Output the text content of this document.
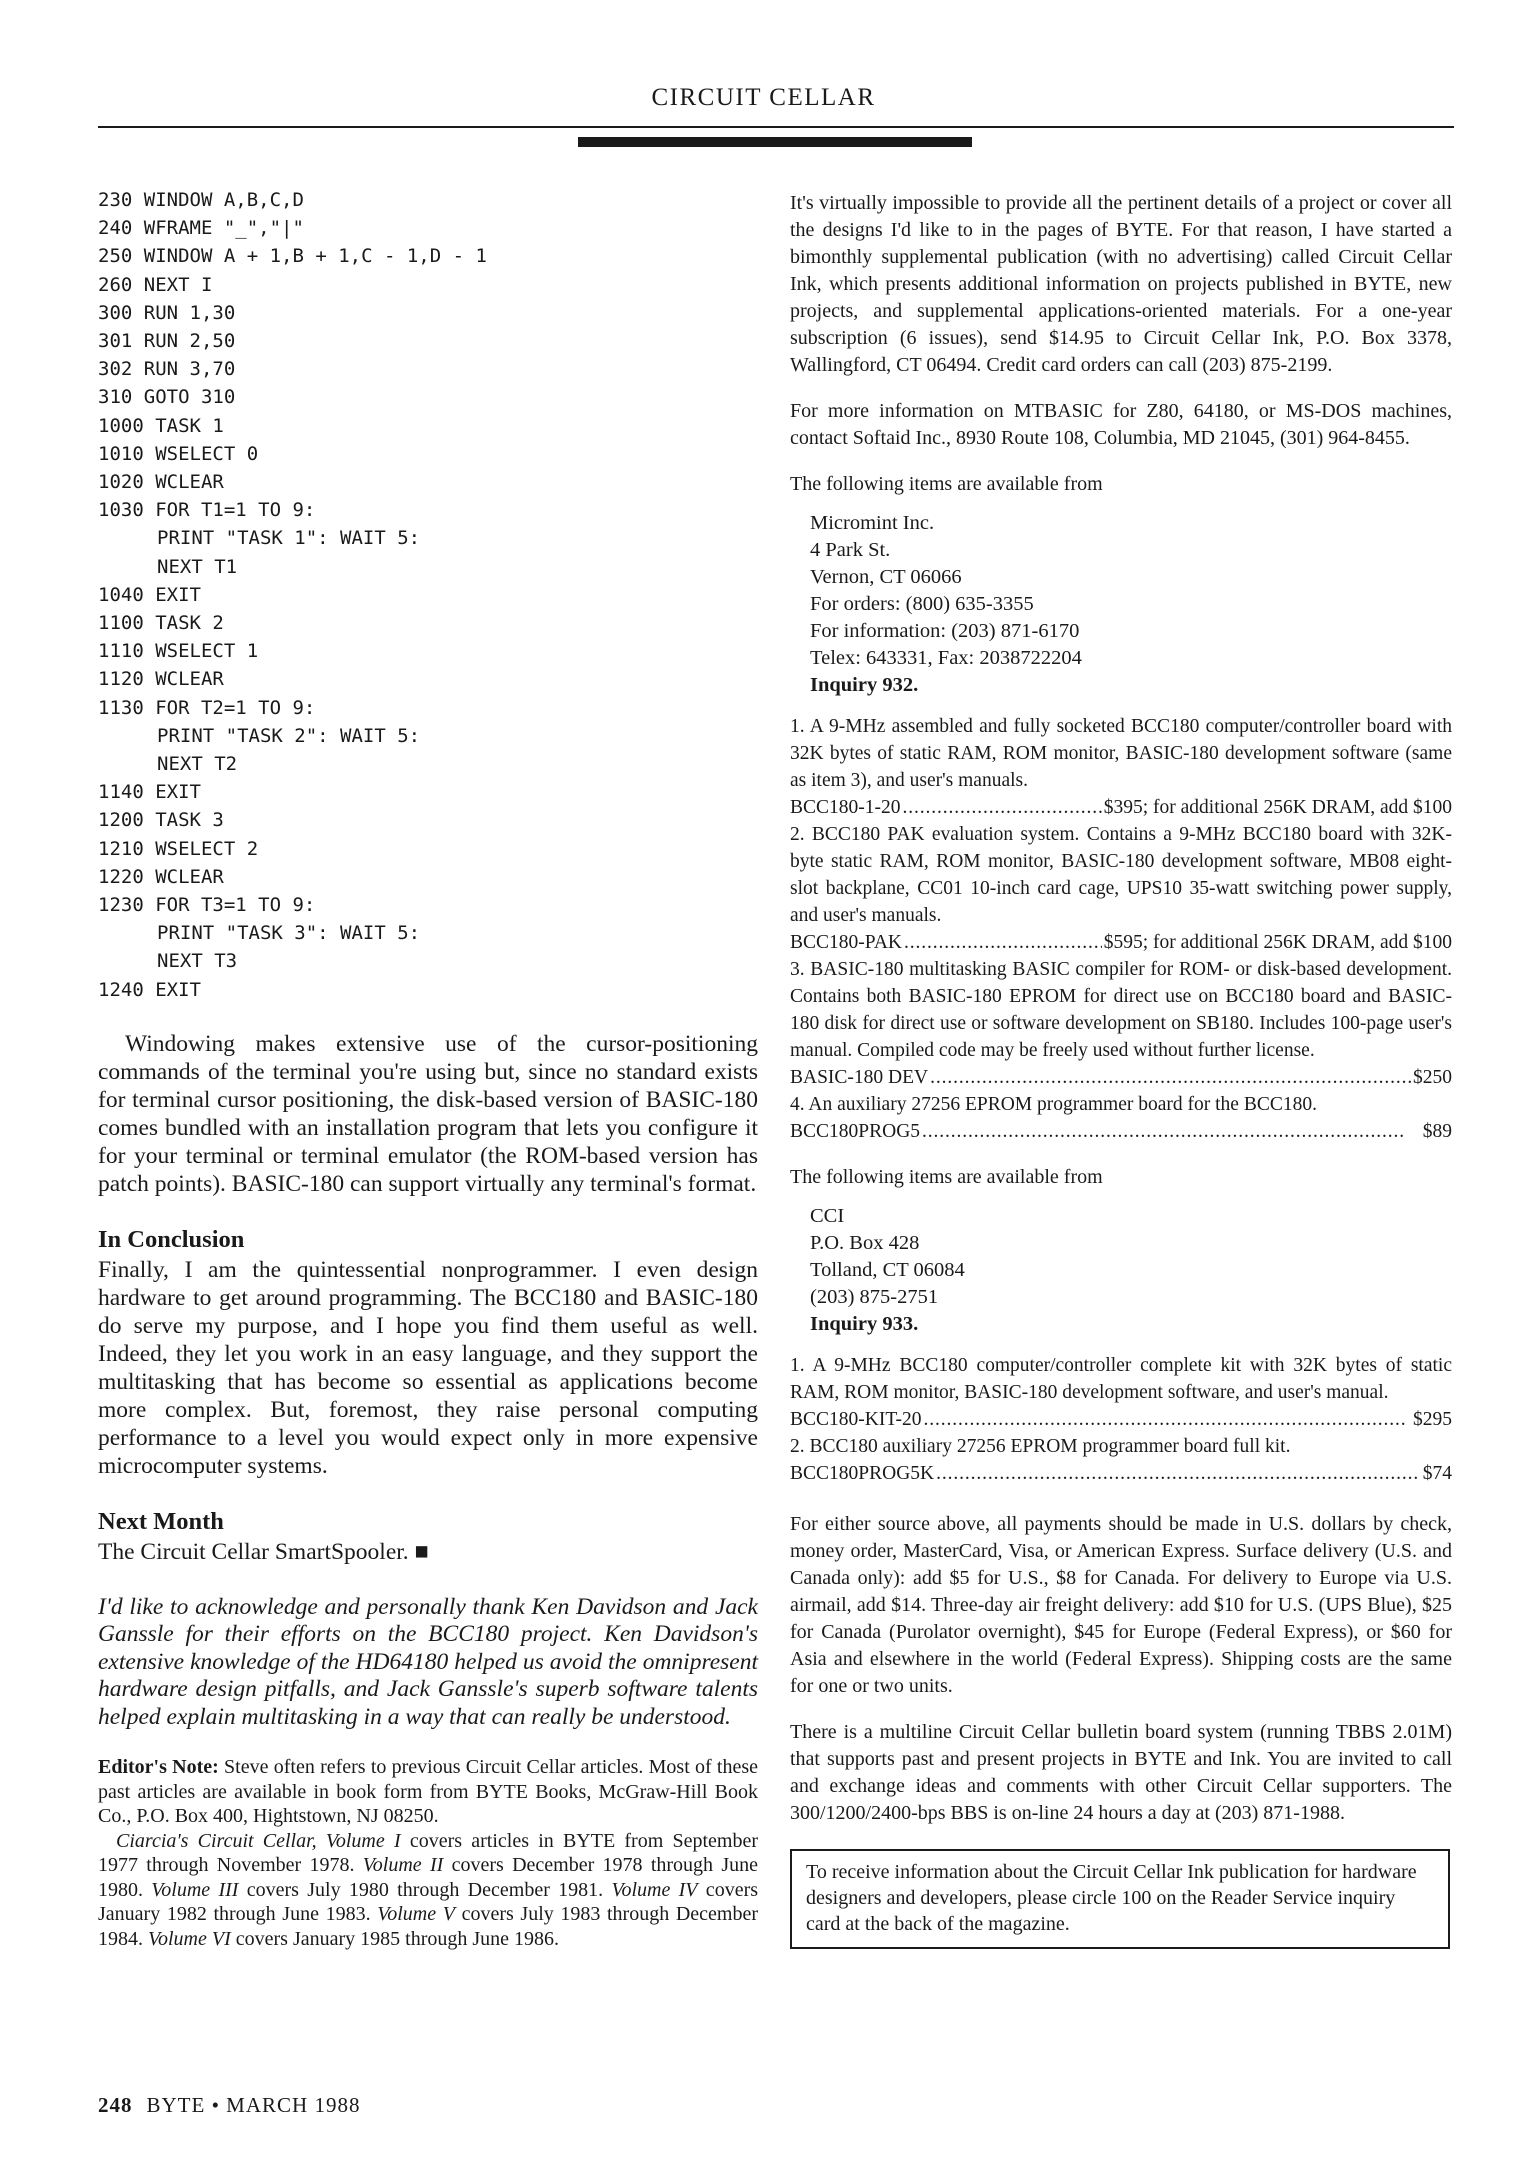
CIRCUIT CELLAR
230 WINDOW A,B,C,D
240 WFRAME "_","|"
250 WINDOW A + 1,B + 1,C - 1,D - 1
260 NEXT I
300 RUN 1,30
301 RUN 2,50
302 RUN 3,70
310 GOTO 310
1000 TASK 1
1010 WSELECT 0
1020 WCLEAR
1030 FOR T1=1 TO 9:
PRINT "TASK 1": WAIT 5:
NEXT T1
1040 EXIT
1100 TASK 2
1110 WSELECT 1
1120 WCLEAR
1130 FOR T2=1 TO 9:
PRINT "TASK 2": WAIT 5:
NEXT T2
1140 EXIT
1200 TASK 3
1210 WSELECT 2
1220 WCLEAR
1230 FOR T3=1 TO 9:
PRINT "TASK 3": WAIT 5:
NEXT T3
1240 EXIT

Windowing makes extensive use of the cursor-positioning commands of the terminal you're using but, since no standard exists for terminal cursor positioning, the disk-based version of BASIC-180 comes bundled with an installation program that lets you configure it for your terminal or terminal emulator (the ROM-based version has patch points). BASIC-180 can support virtually any terminal's format.

In Conclusion

Finally, I am the quintessential nonprogrammer. I even design hardware to get around programming. The BCC180 and BASIC-180 do serve my purpose, and I hope you find them useful as well. Indeed, they let you work in an easy language, and they support the multitasking that has become so essential as applications become more complex. But, foremost, they raise personal computing performance to a level you would expect only in more expensive microcomputer systems.

Next Month

The Circuit Cellar SmartSpooler. ■

I'd like to acknowledge and personally thank Ken Davidson and Jack Ganssle for their efforts on the BCC180 project. Ken Davidson's extensive knowledge of the HD64180 helped us avoid the omnipresent hardware design pitfalls, and Jack Ganssle's superb software talents helped explain multitasking in a way that can really be understood.

Editor's Note: Steve often refers to previous Circuit Cellar articles. Most of these past articles are available in book form from BYTE Books, McGraw-Hill Book Co., P.O. Box 400, Hightstown, NJ 08250.

Ciarcia's Circuit Cellar, Volume I covers articles in BYTE from September 1977 through November 1978. Volume II covers December 1978 through June 1980. Volume III covers July 1980 through December 1981. Volume IV covers January 1982 through June 1983. Volume V covers July 1983 through December 1984. Volume VI covers January 1985 through June 1986.

It's virtually impossible to provide all the pertinent details of a project or cover all the designs I'd like to in the pages of BYTE. For that reason, I have started a bimonthly supplemental publication (with no advertising) called Circuit Cellar Ink, which presents additional information on projects published in BYTE, new projects, and supplemental applications-oriented materials. For a one-year subscription (6 issues), send $14.95 to Circuit Cellar Ink, P.O. Box 3378, Wallingford, CT 06494. Credit card orders can call (203) 875-2199.

For more information on MTBASIC for Z80, 64180, or MS-DOS machines, contact Softaid Inc., 8930 Route 108, Columbia, MD 21045, (301) 964-8455.

The following items are available from

Micromint Inc.
4 Park St.
Vernon, CT 06066
For orders: (800) 635-3355
For information: (203) 871-6170
Telex: 643331, Fax: 2038722204
Inquiry 932.

1. A 9-MHz assembled and fully socketed BCC180 computer/controller board with 32K bytes of static RAM, ROM monitor, BASIC-180 development software (same as item 3), and user's manuals.

BCC180-1-20 . . .	$395; for additional 256K DRAM, add $100

2. BCC180 PAK evaluation system. Contains a 9-MHz BCC180 board with 32K-byte static RAM, ROM monitor, BASIC-180 development software, MB08 eight-slot backplane, CC01 10-inch card cage, UPS10 35-watt switching power supply, and user's manuals.

BCC180-PAK . . .	$595; for additional 256K DRAM, add $100

3. BASIC-180 multitasking BASIC compiler for ROM- or disk-based development. Contains both BASIC-180 EPROM for direct use on BCC180 board and BASIC-180 disk for direct use or software development on SB180. Includes 100-page user's manual. Compiled code may be freely used without further license.

BASIC-180 DEV . . .	$250

4. An auxiliary 27256 EPROM programmer board for the BCC180.

BCC180PROG5 . . .	$89

The following items are available from

CCI
P.O. Box 428
Tolland, CT 06084
(203) 875-2751
Inquiry 933.

1. A 9-MHz BCC180 computer/controller complete kit with 32K bytes of static RAM, ROM monitor, BASIC-180 development software, and user's manual.

BCC180-KIT-20 . . .	$295

2. BCC180 auxiliary 27256 EPROM programmer board full kit.

BCC180PROG5K . . .	$74

For either source above, all payments should be made in U.S. dollars by check, money order, MasterCard, Visa, or American Express. Surface delivery (U.S. and Canada only): add $5 for U.S., $8 for Canada. For delivery to Europe via U.S. airmail, add $14. Three-day air freight delivery: add $10 for U.S. (UPS Blue), $25 for Canada (Purolator overnight), $45 for Europe (Federal Express), or $60 for Asia and elsewhere in the world (Federal Express). Shipping costs are the same for one or two units.

There is a multiline Circuit Cellar bulletin board system (running TBBS 2.01M) that supports past and present projects in BYTE and Ink. You are invited to call and exchange ideas and comments with other Circuit Cellar supporters. The 300/1200/2400-bps BBS is on-line 24 hours a day at (203) 871-1988.

To receive information about the Circuit Cellar Ink publication for hardware designers and developers, please circle 100 on the Reader Service inquiry card at the back of the magazine.
248 BYTE • MARCH 1988
